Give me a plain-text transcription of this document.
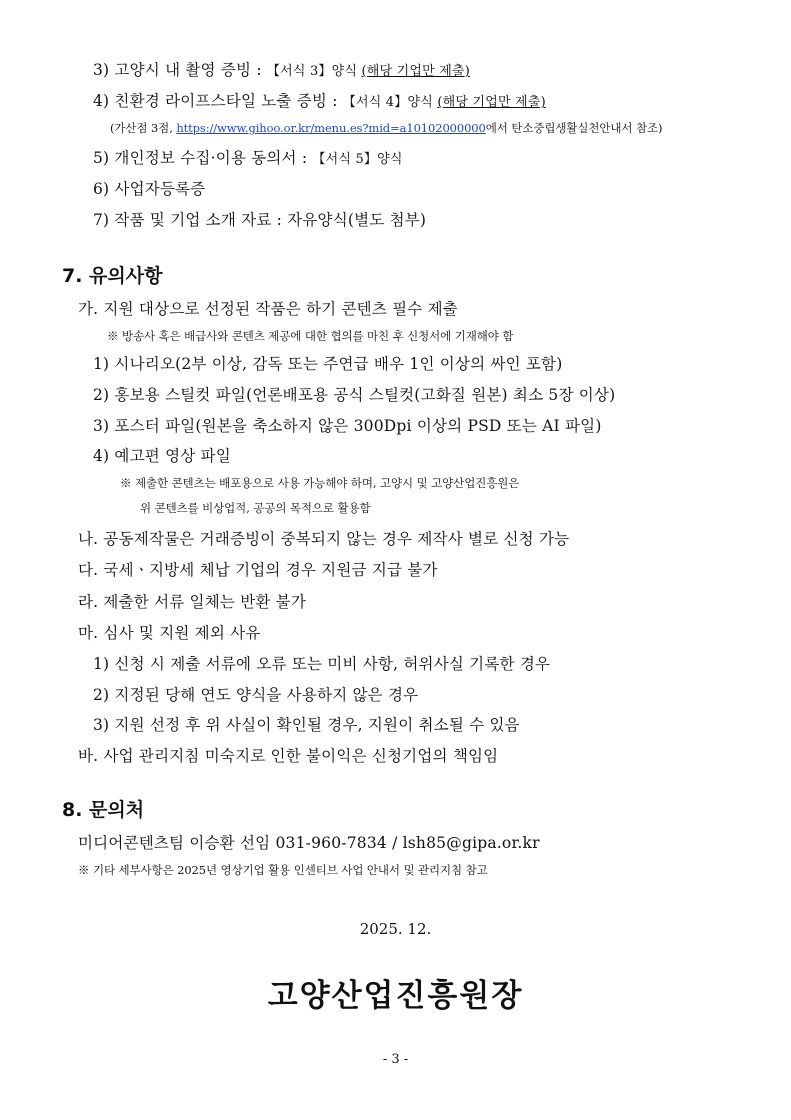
3) 고양시 내 촬영 증빙 : 【서식 3】양식 (해당 기업만 제출)
4) 친환경 라이프스타일 노출 증빙 : 【서식 4】양식 (해당 기업만 제출)
(가산점 3점, https://www.gihoo.or.kr/menu.es?mid=a10102000000에서 탄소중립생활실천안내서 참조)
5) 개인정보 수집·이용 동의서 : 【서식 5】양식
6) 사업자등록증
7) 작품 및 기업 소개 자료 : 자유양식(별도 첨부)
7. 유의사항
가. 지원 대상으로 선정된 작품은 하기 콘텐츠 필수 제출
※ 방송사 혹은 배급사와 콘텐츠 제공에 대한 협의를 마친 후 신청서에 기재해야 함
1) 시나리오(2부 이상, 감독 또는 주연급 배우 1인 이상의 싸인 포함)
2) 홍보용 스틸컷 파일(언론배포용 공식 스틸컷(고화질 원본) 최소 5장 이상)
3) 포스터 파일(원본을 축소하지 않은 300Dpi 이상의 PSD 또는 AI 파일)
4) 예고편 영상 파일
※ 제출한 콘텐츠는 배포용으로 사용 가능해야 하며, 고양시 및 고양산업진흥원은
위 콘텐츠를 비상업적, 공공의 목적으로 활용함
나. 공동제작물은 거래증빙이 중복되지 않는 경우 제작사 별로 신청 가능
다. 국세ㆍ지방세 체납 기업의 경우 지원금 지급 불가
라. 제출한 서류 일체는 반환 불가
마. 심사 및 지원 제외 사유
1) 신청 시 제출 서류에 오류 또는 미비 사항, 허위사실 기록한 경우
2) 지정된 당해 연도 양식을 사용하지 않은 경우
3) 지원 선정 후 위 사실이 확인될 경우, 지원이 취소될 수 있음
바. 사업 관리지침 미숙지로 인한 불이익은 신청기업의 책임임
8. 문의처
미디어콘텐츠팀 이승환 선임 031-960-7834 / lsh85@gipa.or.kr
※ 기타 세부사항은 2025년 영상기업 활용 인센티브 사업 안내서 및 관리지침 참고
2025. 12.
고양산업진흥원장
- 3 -
